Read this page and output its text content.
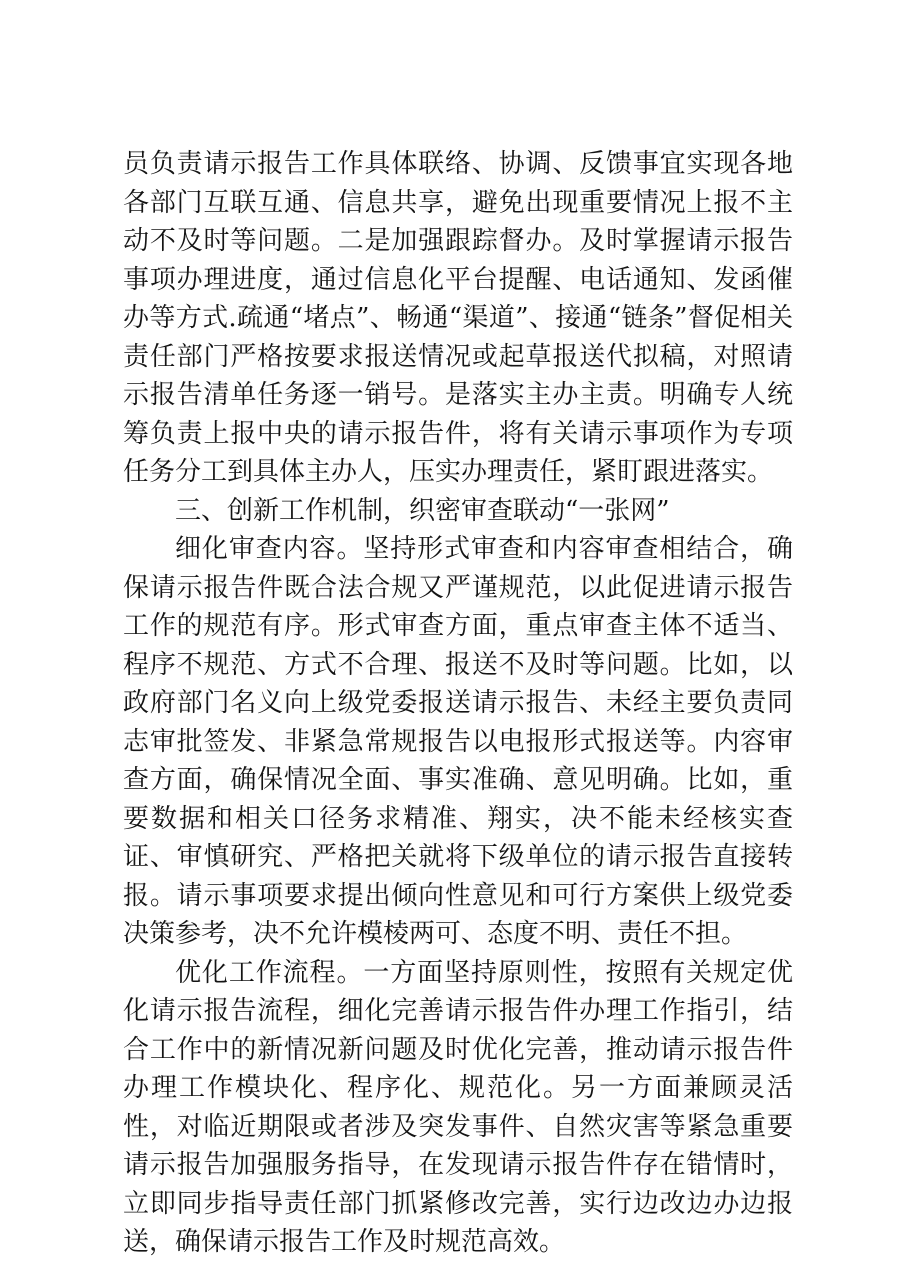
员负责请示报告工作具体联络、协调、反馈事宜实现各地各部门互联互通、信息共享，避免出现重要情况上报不主动不及时等问题。二是加强跟踪督办。及时掌握请示报告事项办理进度，通过信息化平台提醒、电话通知、发函催办等方式.疏通“堵点”、畅通“渠道”、接通“链条”督促相关责任部门严格按要求报送情况或起草报送代拟稿，对照请示报告清单任务逐一销号。是落实主办主责。明确专人统筹负责上报中央的请示报告件，将有关请示事项作为专项任务分工到具体主办人，压实办理责任，紧盯跟进落实。

三、创新工作机制，织密审查联动“一张网”

细化审查内容。坚持形式审查和内容审查相结合，确保请示报告件既合法合规又严谨规范，以此促进请示报告工作的规范有序。形式审查方面，重点审查主体不适当、程序不规范、方式不合理、报送不及时等问题。比如，以政府部门名义向上级党委报送请示报告、未经主要负责同志审批签发、非紧急常规报告以电报形式报送等。内容审查方面，确保情况全面、事实准确、意见明确。比如，重要数据和相关口径务求精准、翔实，决不能未经核实查证、审慎研究、严格把关就将下级单位的请示报告直接转报。请示事项要求提出倾向性意见和可行方案供上级党委决策参考，决不允许模棱两可、态度不明、责任不担。

优化工作流程。一方面坚持原则性，按照有关规定优化请示报告流程，细化完善请示报告件办理工作指引，结合工作中的新情况新问题及时优化完善，推动请示报告件办理工作模块化、程序化、规范化。另一方面兼顾灵活性，对临近期限或者涉及突发事件、自然灾害等紧急重要请示报告加强服务指导，在发现请示报告件存在错情时，立即同步指导责任部门抓紧修改完善，实行边改边办边报送，确保请示报告工作及时规范高效。
